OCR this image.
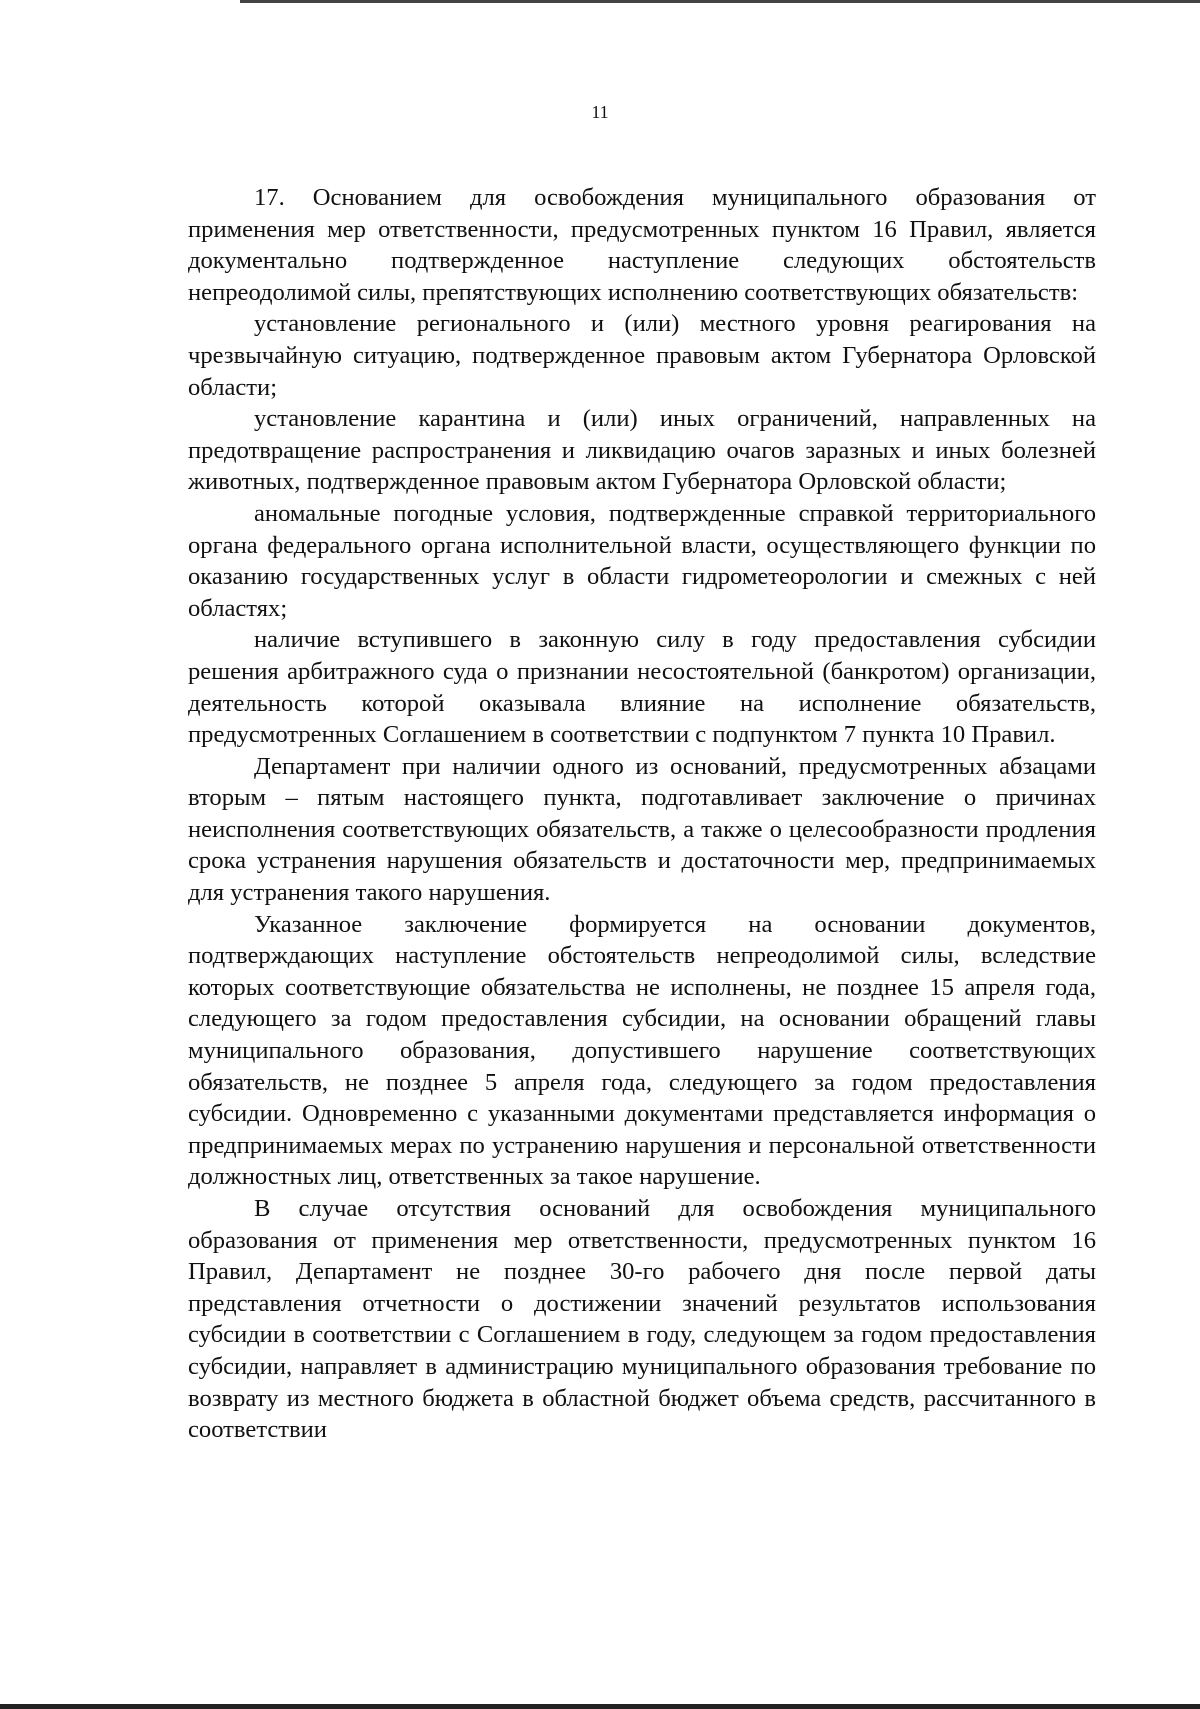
11

17. Основанием для освобождения муниципального образования от применения мер ответственности, предусмотренных пунктом 16 Правил, является документально подтвержденное наступление следующих обстоятельств непреодолимой силы, препятствующих исполнению соответствующих обязательств:

установление регионального и (или) местного уровня реагирования на чрезвычайную ситуацию, подтвержденное правовым актом Губернатора Орловской области;

установление карантина и (или) иных ограничений, направленных на предотвращение распространения и ликвидацию очагов заразных и иных болезней животных, подтвержденное правовым актом Губернатора Орловской области;

аномальные погодные условия, подтвержденные справкой территориального органа федерального органа исполнительной власти, осуществляющего функции по оказанию государственных услуг в области гидрометеорологии и смежных с ней областях;

наличие вступившего в законную силу в году предоставления субсидии решения арбитражного суда о признании несостоятельной (банкротом) организации, деятельность которой оказывала влияние на исполнение обязательств, предусмотренных Соглашением в соответствии с подпунктом 7 пункта 10 Правил.

Департамент при наличии одного из оснований, предусмотренных абзацами вторым – пятым настоящего пункта, подготавливает заключение о причинах неисполнения соответствующих обязательств, а также о целесообразности продления срока устранения нарушения обязательств и достаточности мер, предпринимаемых для устранения такого нарушения.

Указанное заключение формируется на основании документов, подтверждающих наступление обстоятельств непреодолимой силы, вследствие которых соответствующие обязательства не исполнены, не позднее 15 апреля года, следующего за годом предоставления субсидии, на основании обращений главы муниципального образования, допустившего нарушение соответствующих обязательств, не позднее 5 апреля года, следующего за годом предоставления субсидии. Одновременно с указанными документами представляется информация о предпринимаемых мерах по устранению нарушения и персональной ответственности должностных лиц, ответственных за такое нарушение.

В случае отсутствия оснований для освобождения муниципального образования от применения мер ответственности, предусмотренных пунктом 16 Правил, Департамент не позднее 30-го рабочего дня после первой даты представления отчетности о достижении значений результатов использования субсидии в соответствии с Соглашением в году, следующем за годом предоставления субсидии, направляет в администрацию муниципального образования требование по возврату из местного бюджета в областной бюджет объема средств, рассчитанного в соответствии
